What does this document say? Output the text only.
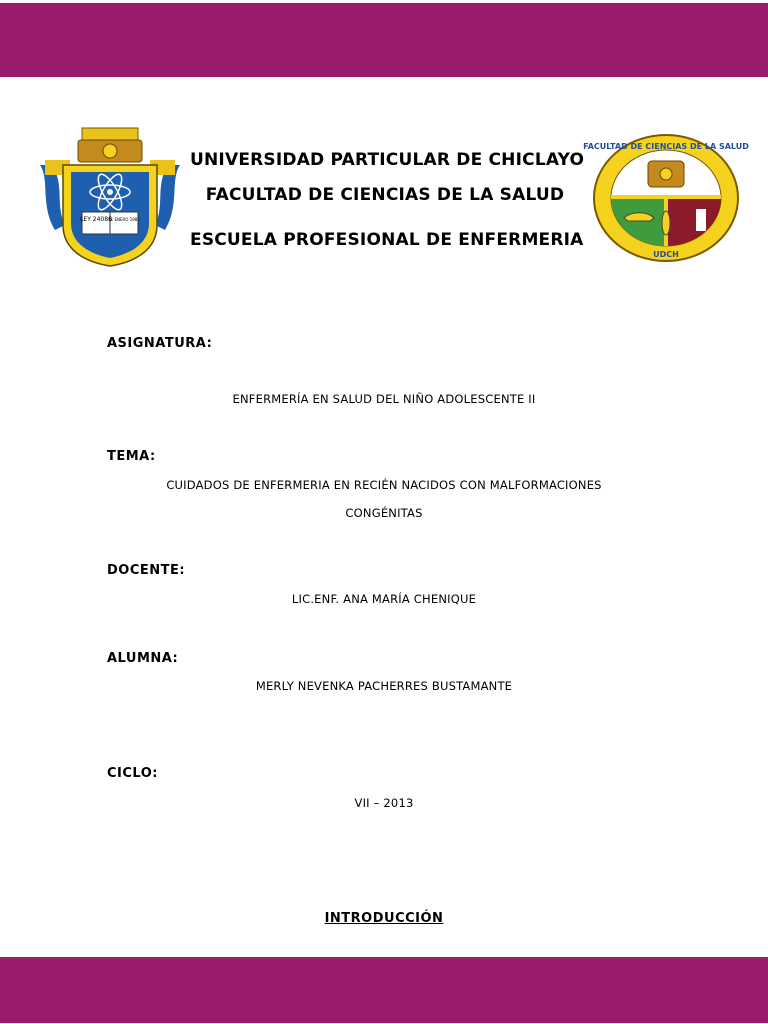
LEY 24086
11 ENERO 1985
FACULTAD DE CIENCIAS DE LA SALUD
UDCH
UNIVERSIDAD PARTICULAR DE CHICLAYO
FACULTAD DE CIENCIAS DE LA SALUD
ESCUELA PROFESIONAL DE ENFERMERIA
ASIGNATURA:
ENFERMERÍA EN SALUD DEL NIÑO ADOLESCENTE II
TEMA:
CUIDADOS DE ENFERMERIA EN RECIÉN NACIDOS CON MALFORMACIONES
CONGÉNITAS
DOCENTE:
LIC.ENF. ANA MARÍA CHENIQUE
ALUMNA:
MERLY NEVENKA PACHERRES BUSTAMANTE
CICLO:
VII – 2013
INTRODUCCIÓN
